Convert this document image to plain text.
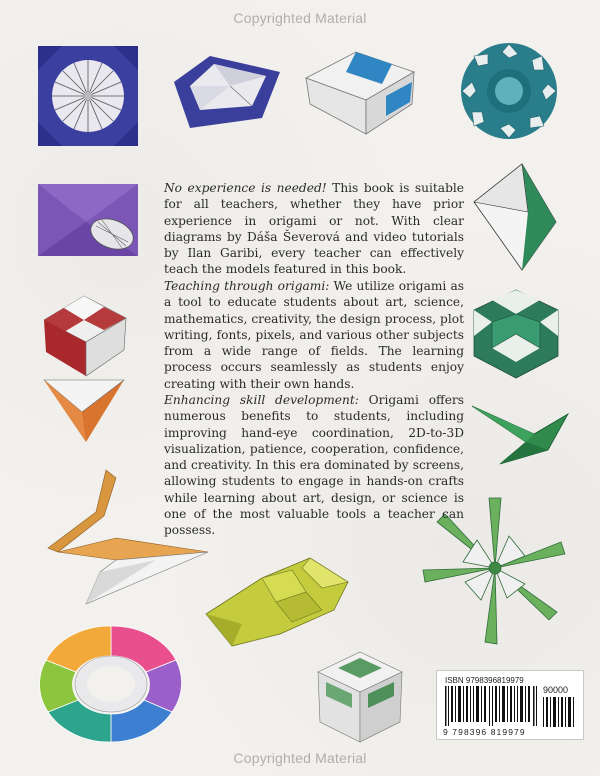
Copyrighted Material
No experience is needed! This book is suitable for all teachers, whether they have prior experience in origami or not. With clear diagrams by Dáša Ševerová and video tutorials by Ilan Garibi, every teacher can effectively teach the models featured in this book.
Teaching through origami: We utilize origami as a tool to educate students about art, science, mathematics, creativity, the design process, plot writing, fonts, pixels, and various other subjects from a wide range of fields. The learning process occurs seamlessly as students enjoy creating with their own hands.
Enhancing skill development: Origami offers numerous benefits to students, including improving hand-eye coordination, 2D-to-3D visualization, patience, cooperation, confidence, and creativity. In this era dominated by screens, allowing students to engage in hands-on crafts while learning about art, design, or science is one of the most valuable tools a teacher can possess.
ISBN 9798396819979
90000
9 798396 819979
Copyrighted Material
